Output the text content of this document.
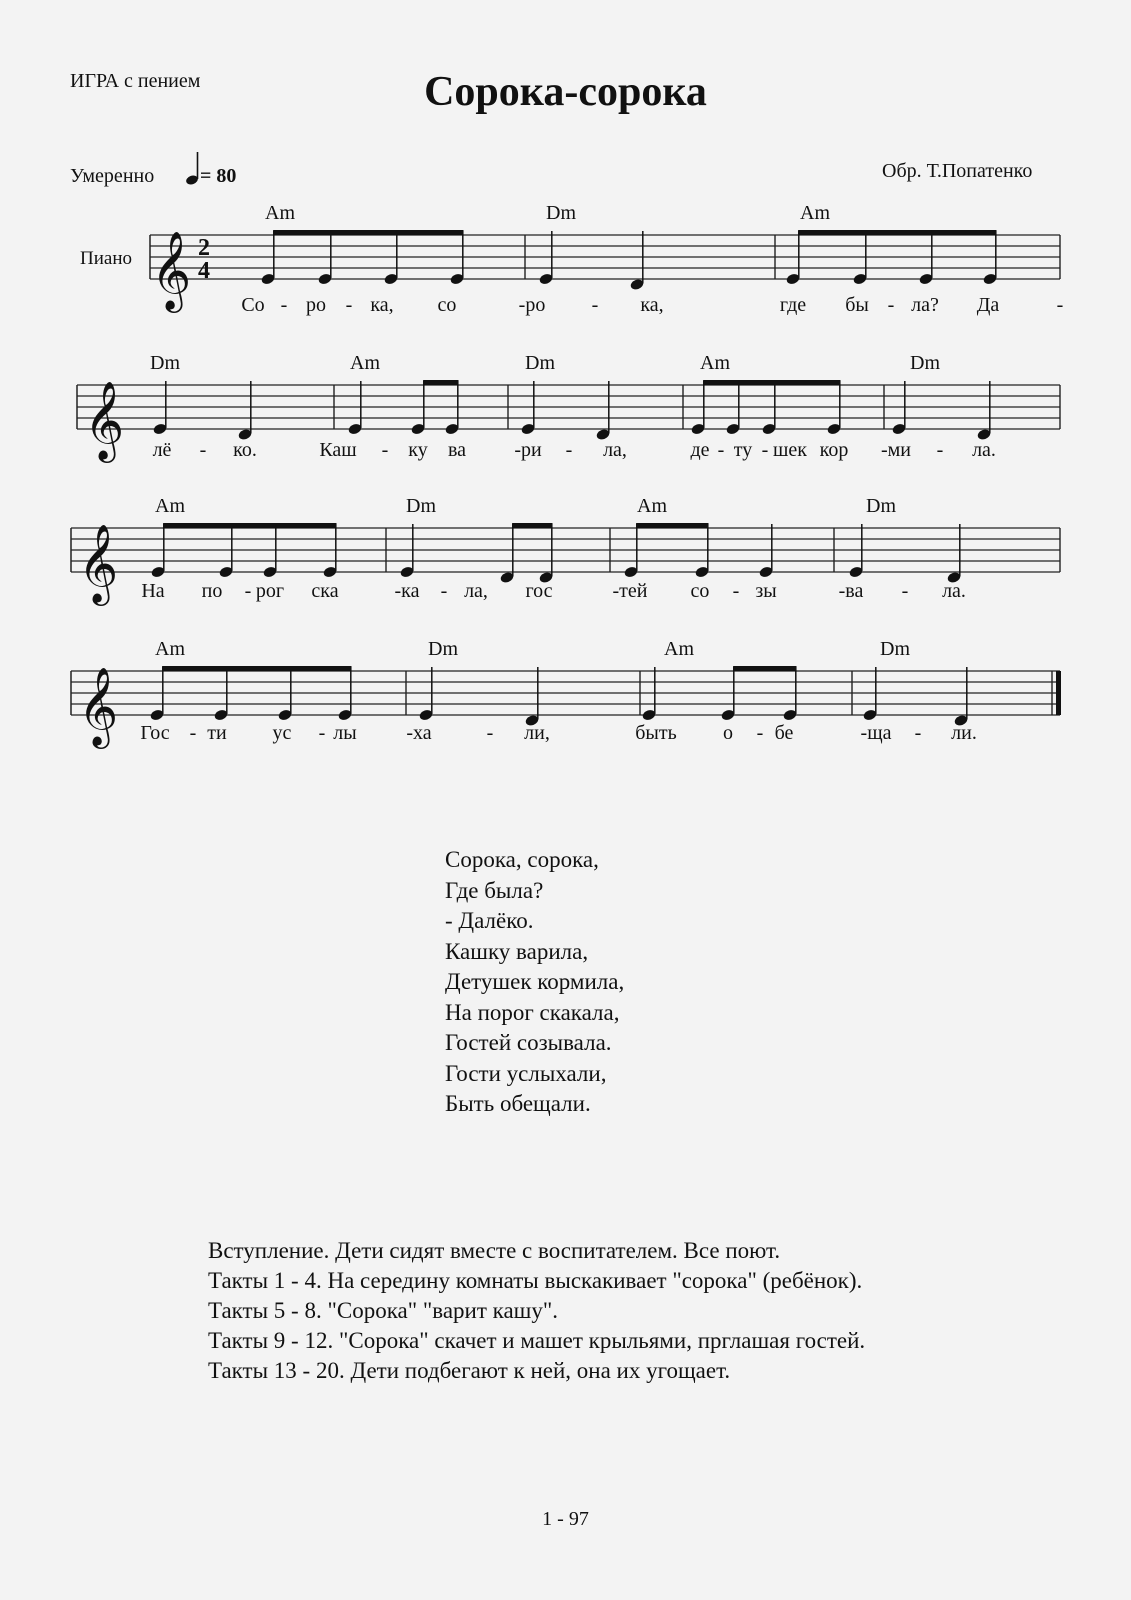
ИГРА с пением	Сорока-сорока
Умеренно = 80	Обр. Т.Попатенко
Пиано 𝄞 2
4
𝄞
𝄞
𝄞
Am	Dm	Am
Dm	Am	Dm	Am	Dm
Am	Dm	Am	Dm
Am	Dm	Am	Dm
Со - ро - ка, со	-ро - ка,	где бы - ла? Да	-
лё - ко.	Каш - ку ва -ри - ла,	де - ту - шек кор -ми - ла.
На по - рог ска	-ка - ла, гос	-тей со - зы	-ва - ла.
Гос - ти ус - лы -ха	- ли,	быть о - бе	-ща - ли.
Сорока, сорока,
Где была?
- Далёко.
Кашку варила,
Детушек кормила,
На порог скакала,
Гостей созывала.
Гости услыхали,
Быть обещали.
Вступление. Дети сидят вместе с воспитателем. Все поют.
Такты 1 - 4. На середину комнаты выскакивает "сорока" (ребёнок).
Такты 5 - 8. "Сорока" "варит кашу".
Такты 9 - 12. "Сорока" скачет и машет крыльями, прглашая гостей.
Такты 13 - 20. Дети подбегают к ней, она их угощает.
1 - 97
